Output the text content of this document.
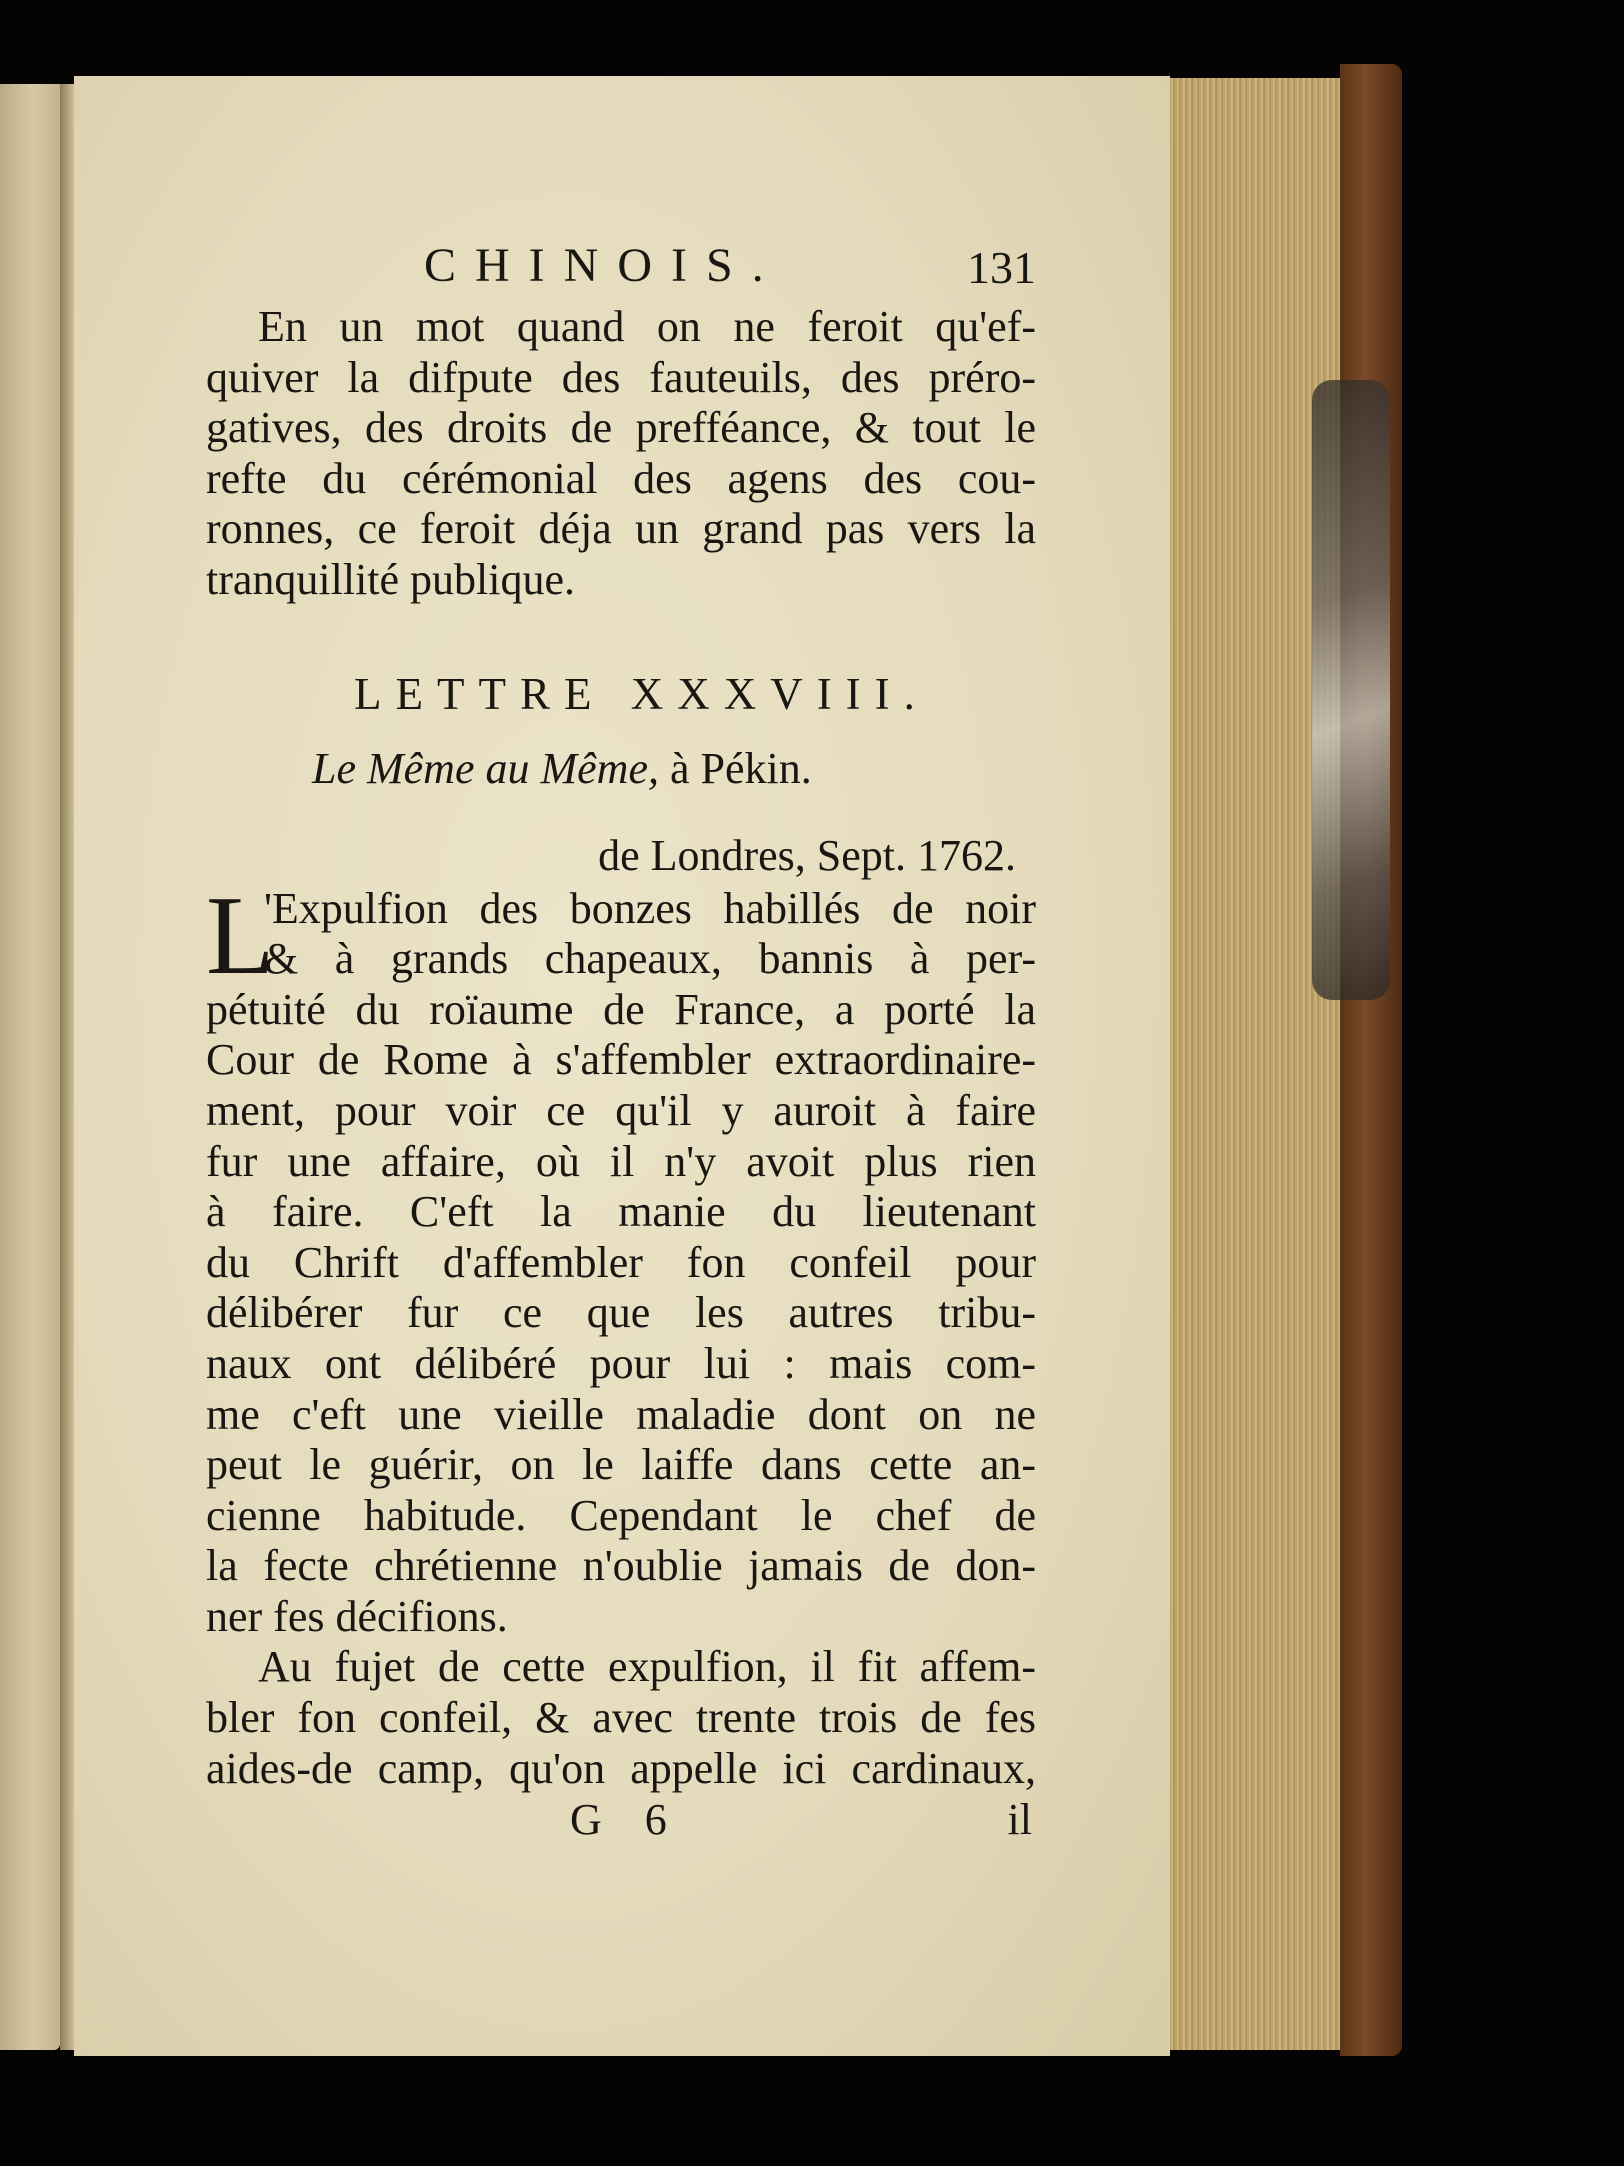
CHINOIS.	131
En un mot quand on ne feroit qu'ef-
quiver la difpute des fauteuils, des préro-
gatives, des droits de prefféance, & tout le
refte du cérémonial des agens des cou-
ronnes, ce feroit déja un grand pas vers la
tranquillité publique.
LETTRE XXXVIII.
Le Même au Même, à Pékin.
de Londres, Sept. 1762.
L
'Expulfion des bonzes habillés de noir
& à grands chapeaux, bannis à per-
pétuité du roïaume de France, a porté la
Cour de Rome à s'affembler extraordinaire-
ment, pour voir ce qu'il y auroit à faire
fur une affaire, où il n'y avoit plus rien
à faire. C'eft la manie du lieutenant
du Chrift d'affembler fon confeil pour
délibérer fur ce que les autres tribu-
naux ont délibéré pour lui : mais com-
me c'eft une vieille maladie dont on ne
peut le guérir, on le laiffe dans cette an-
cienne habitude. Cependant le chef de
la fecte chrétienne n'oublie jamais de don-
ner fes décifions.
Au fujet de cette expulfion, il fit affem-
bler fon confeil, & avec trente trois de fes
aides-de camp, qu'on appelle ici cardinaux,
G 6	il
